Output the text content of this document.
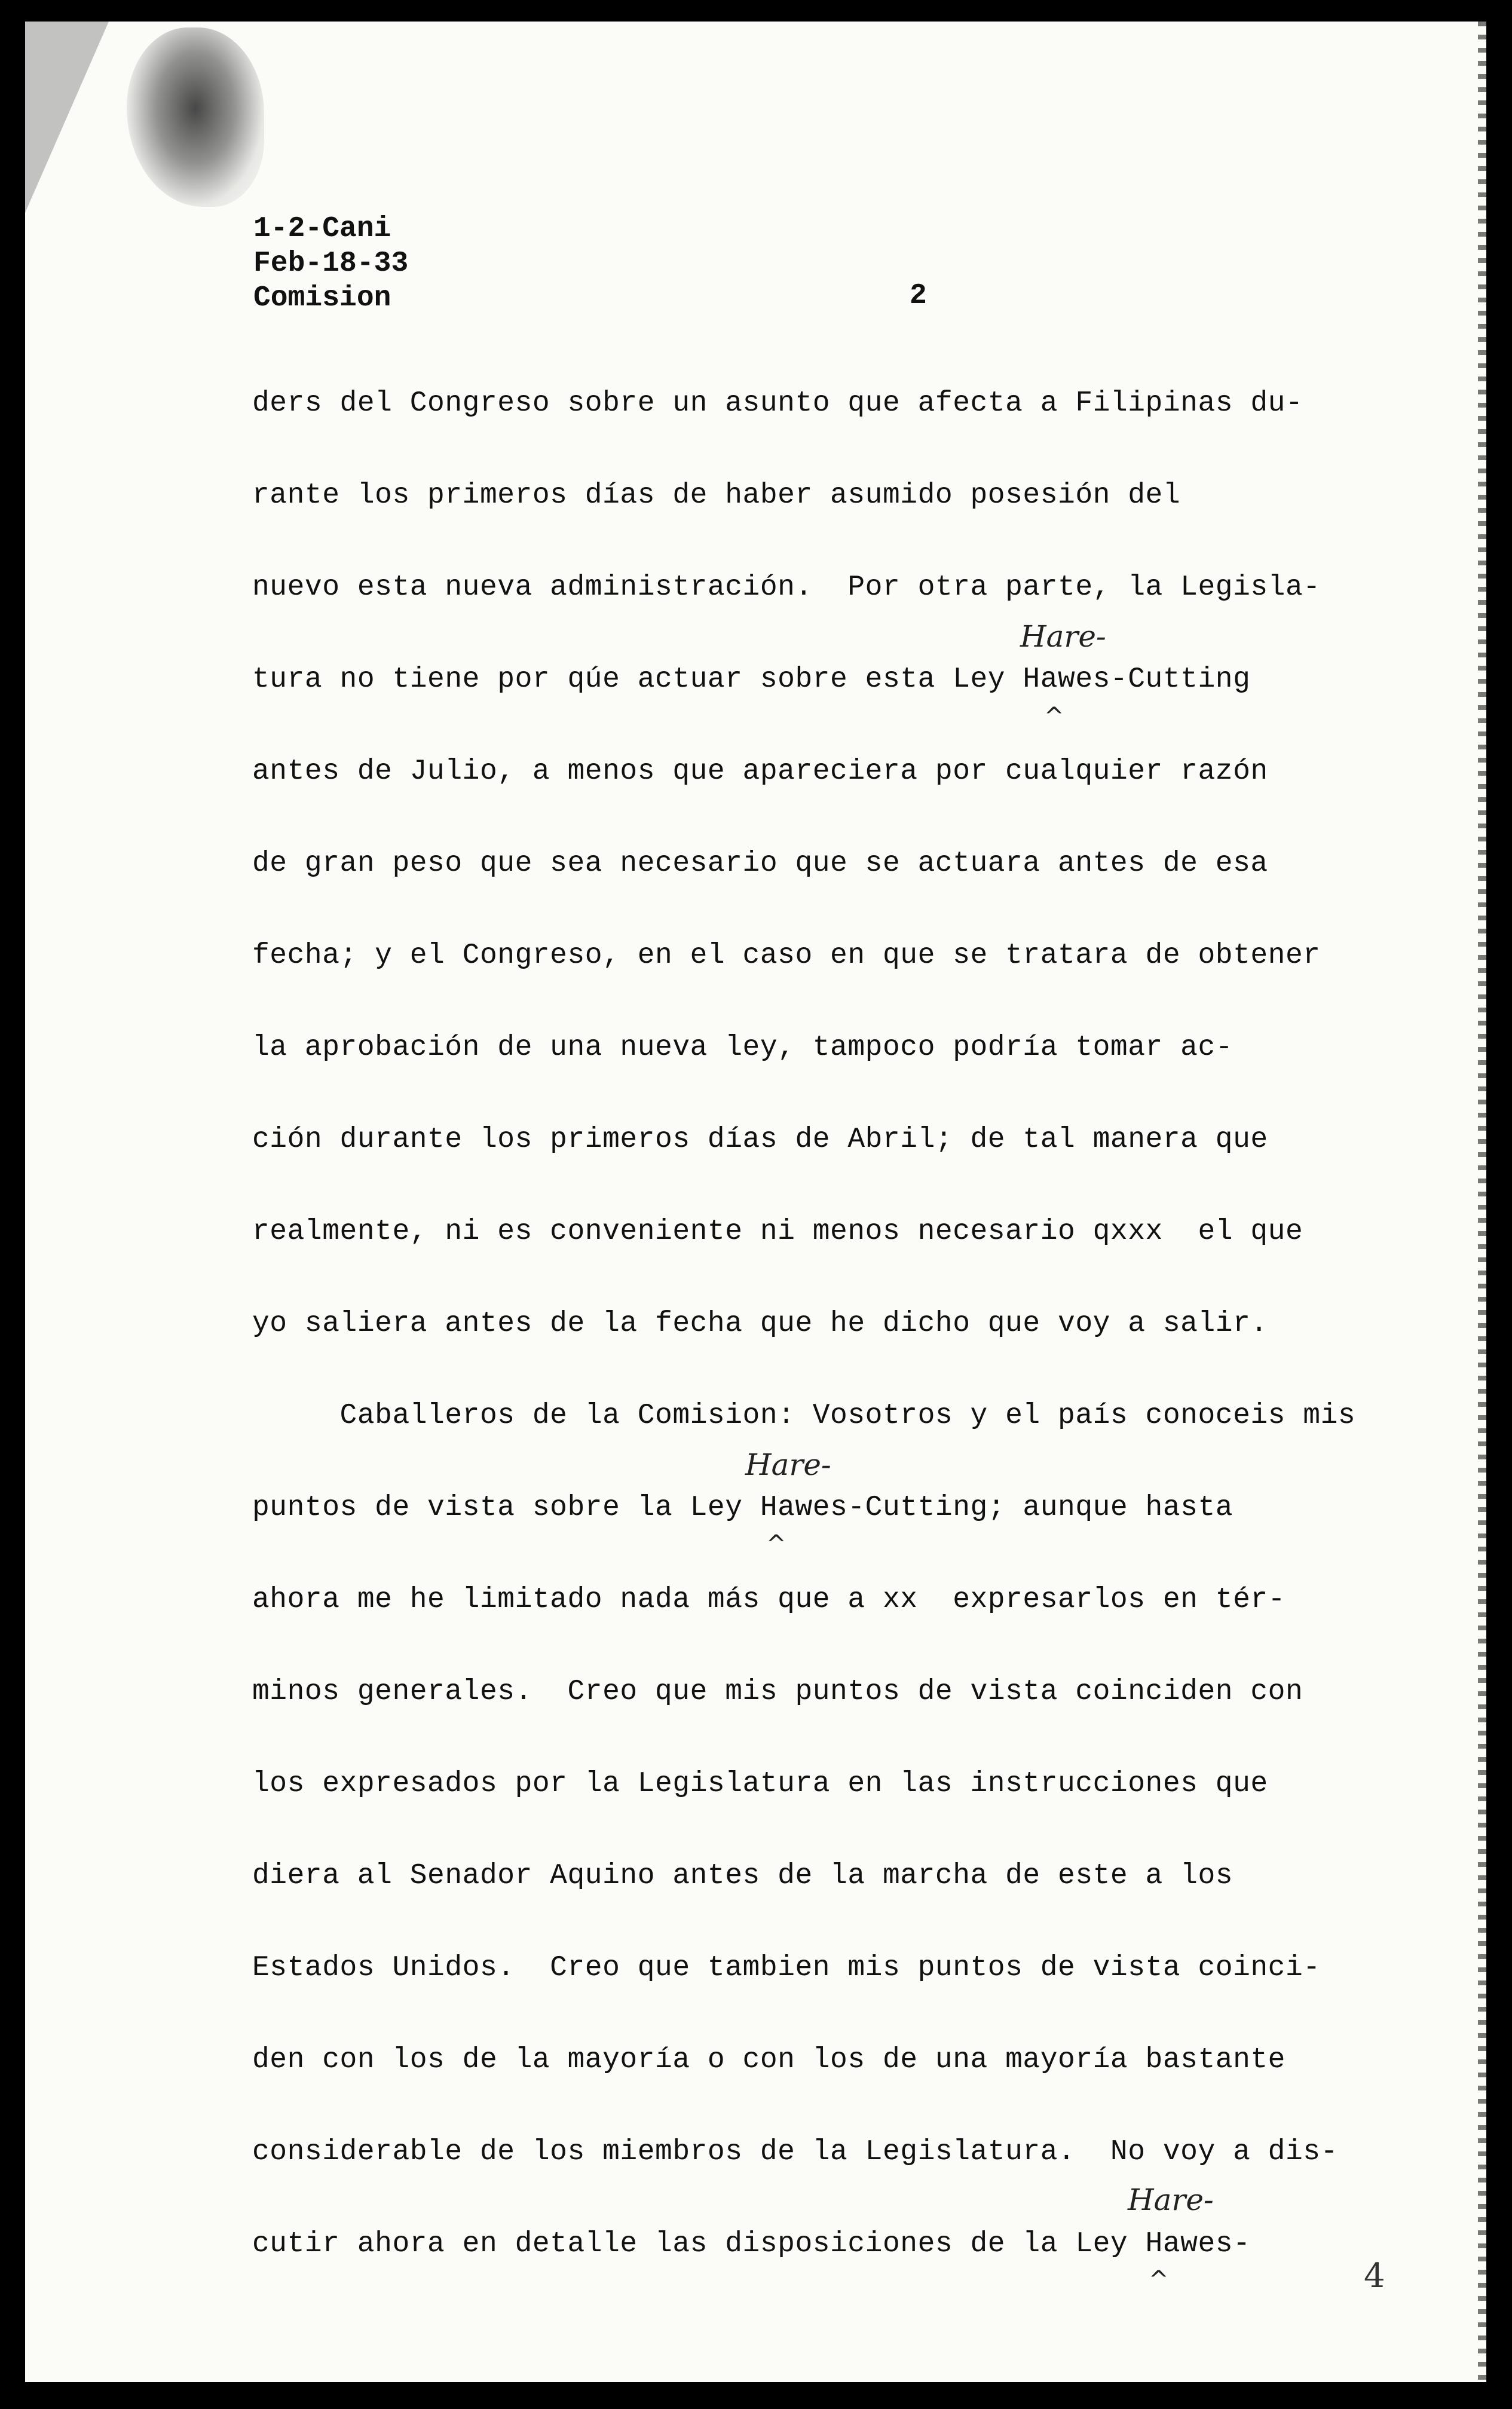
1-2-Cani
Feb-18-33
Comision	2
ders del Congreso sobre un asunto que afecta a Filipinas du-
rante los primeros días de haber asumido posesión del
nuevo esta nueva administración.  Por otra parte, la Legisla-
tura no tiene por qúe actuar sobre esta Ley Hawes-Cutting
antes de Julio, a menos que apareciera por cualquier razón
de gran peso que sea necesario que se actuara antes de esa
fecha; y el Congreso, en el caso en que se tratara de obtener
la aprobación de una nueva ley, tampoco podría tomar ac-
ción durante los primeros días de Abril; de tal manera que
realmente, ni es conveniente ni menos necesario qxxx  el que
yo saliera antes de la fecha que he dicho que voy a salir.
Caballeros de la Comision: Vosotros y el país conoceis mis
puntos de vista sobre la Ley Hawes-Cutting; aunque hasta
ahora me he limitado nada más que a xx  expresarlos en tér-
minos generales.  Creo que mis puntos de vista coinciden con
los expresados por la Legislatura en las instrucciones que
diera al Senador Aquino antes de la marcha de este a los
Estados Unidos.  Creo que tambien mis puntos de vista coinci-
den con los de la mayoría o con los de una mayoría bastante
considerable de los miembros de la Legislatura.  No voy a dis-
cutir ahora en detalle las disposiciones de la Ley Hawes-
Hare-
^
Hare-
^
Hare-
^	4
